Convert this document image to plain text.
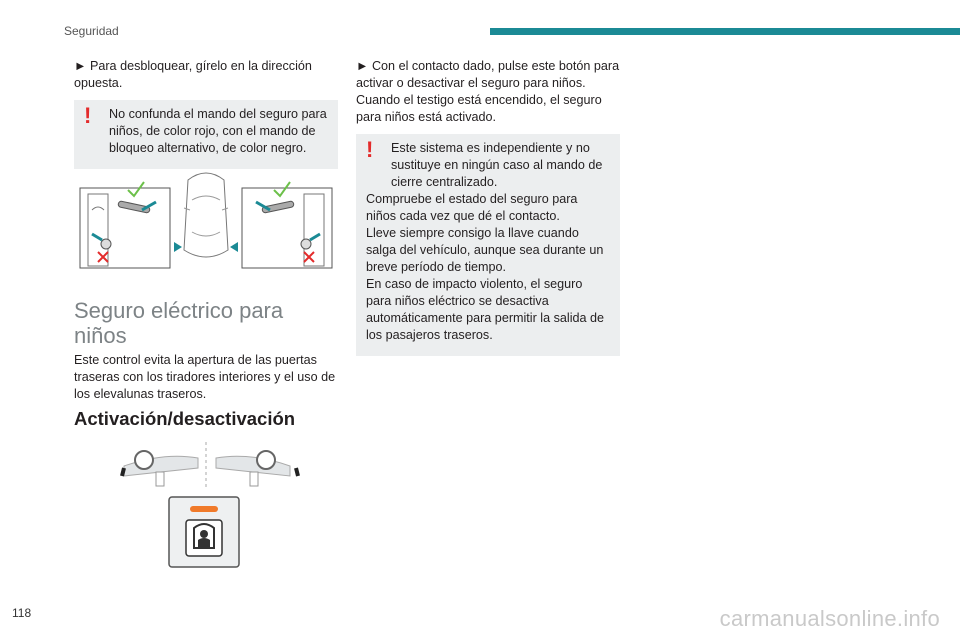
Seguridad

► Para desbloquear, gírelo en la dirección opuesta.

!	No confunda el mando del seguro para niños, de color rojo, con el mando de bloqueo alternativo, de color negro.

Seguro eléctrico para niños

Este control evita la apertura de las puertas traseras con los tiradores interiores y el uso de los elevalunas traseros.

Activación/desactivación

► Con el contacto dado, pulse este botón para activar o desactivar el seguro para niños. Cuando el testigo está encendido, el seguro para niños está activado.

!	Este sistema es independiente y no sustituye en ningún caso al mando de cierre centralizado.

Compruebe el estado del seguro para niños cada vez que dé el contacto.

Lleve siempre consigo la llave cuando salga del vehículo, aunque sea durante un breve período de tiempo.

En caso de impacto violento, el seguro para niños eléctrico se desactiva automáticamente para permitir la salida de los pasajeros traseros.

118	carmanualsonline.info
